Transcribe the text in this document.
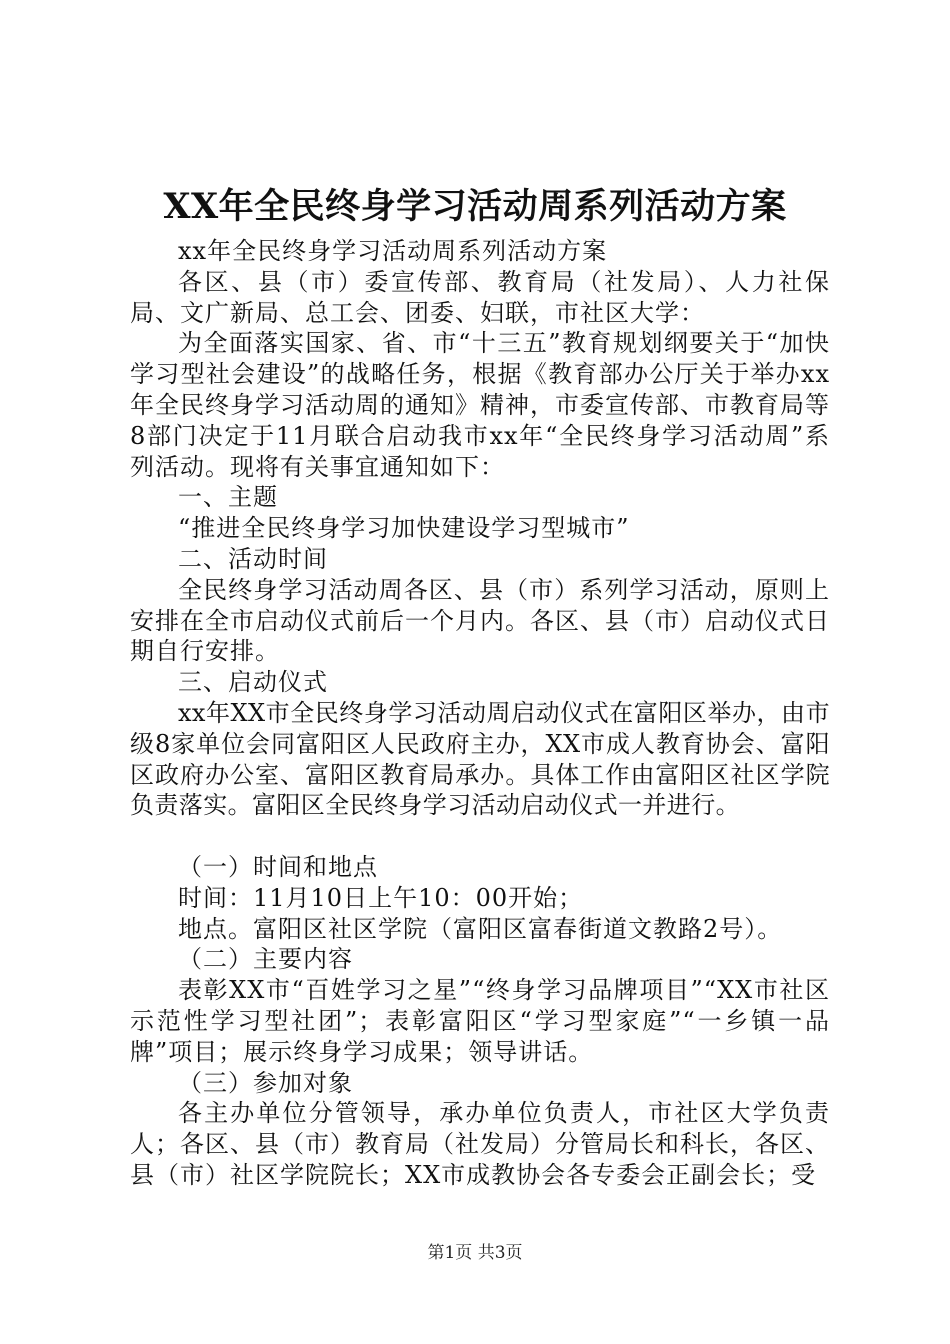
XX年全民终身学习活动周系列活动方案

xx年全民终身学习活动周系列活动方案

各区、县（市）委宣传部、教育局（社发局）、人力社保局、文广新局、总工会、团委、妇联，市社区大学：

为全面落实国家、省、市“十三五”教育规划纲要关于“加快学习型社会建设”的战略任务，根据《教育部办公厅关于举办xx年全民终身学习活动周的通知》精神，市委宣传部、市教育局等8部门决定于11月联合启动我市xx年“全民终身学习活动周”系列活动。现将有关事宜通知如下：

一、主题

“推进全民终身学习加快建设学习型城市”

二、活动时间

全民终身学习活动周各区、县（市）系列学习活动，原则上安排在全市启动仪式前后一个月内。各区、县（市）启动仪式日期自行安排。

三、启动仪式

xx年XX市全民终身学习活动周启动仪式在富阳区举办，由市级8家单位会同富阳区人民政府主办，XX市成人教育协会、富阳区政府办公室、富阳区教育局承办。具体工作由富阳区社区学院负责落实。富阳区全民终身学习活动启动仪式一并进行。

（一）时间和地点

时间：11月10日上午10：00开始；

地点。富阳区社区学院（富阳区富春街道文教路2号）。

（二）主要内容

表彰XX市“百姓学习之星”“终身学习品牌项目”“XX市社区示范性学习型社团”；表彰富阳区“学习型家庭”“一乡镇一品牌”项目；展示终身学习成果；领导讲话。

（三）参加对象

各主办单位分管领导，承办单位负责人，市社区大学负责人；各区、县（市）教育局（社发局）分管局长和科长，各区、县（市）社区学院院长；XX市成教协会各专委会正副会长；受

第1页 共3页
